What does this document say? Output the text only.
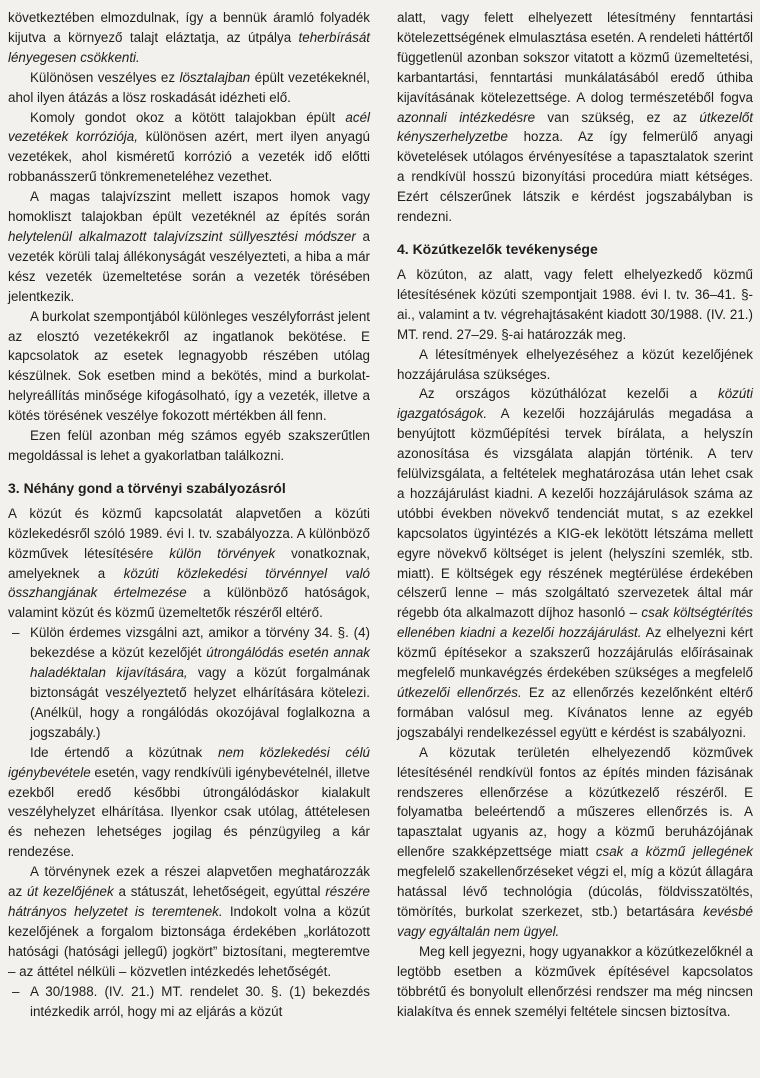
következtében elmozdulnak, így a bennük áramló folyadék kijutva a környező talajt eláztatja, az útpálya teherbírását lényegesen csökkenti.

Különösen veszélyes ez lösztalajban épült vezetékeknél, ahol ilyen átázás a lösz roskadását idézheti elő.

Komoly gondot okoz a kötött talajokban épült acél vezetékek korróziója, különösen azért, mert ilyen anyagú vezetékek, ahol kisméretű korrózió a vezeték idő előtti robbanásszerű tönkremeneteléhez vezethet.

A magas talajvízszint mellett iszapos homok vagy homokliszt talajokban épült vezetéknél az építés során helytelenül alkalmazott talajvízszint süllyesztési módszer a vezeték körüli talaj állékonyságát veszélyezteti, a hiba a már kész vezeték üzemeltetése során a vezeték törésében jelentkezik.

A burkolat szempontjából különleges veszélyforrást jelent az elosztó vezetékekről az ingatlanok bekötése. E kapcsolatok az esetek legnagyobb részében utólag készülnek. Sok esetben mind a bekötés, mind a burkolat-helyreállítás minősége kifogásolható, így a vezeték, illetve a kötés törésének veszélye fokozott mértékben áll fenn.

Ezen felül azonban még számos egyéb szakszerűtlen megoldással is lehet a gyakorlatban találkozni.

3. Néhány gond a törvényi szabályozásról

A közút és közmű kapcsolatát alapvetően a közúti közlekedésről szóló 1989. évi I. tv. szabályozza. A különböző közművek létesítésére külön törvények vonatkoznak, amelyeknek a közúti közlekedési törvénnyel való összhangjának értelmezése a különböző hatóságok, valamint közút és közmű üzemeltetők részéről eltérő.

– Külön érdemes vizsgálni azt, amikor a törvény 34. §. (4) bekezdése a közút kezelőjét útrongálódás esetén annak haladéktalan kijavítására, vagy a közút forgalmának biztonságát veszélyeztető helyzet elhárítására kötelezi. (Anélkül, hogy a rongálódás okozójával foglalkozna a jogszabály.)

Ide értendő a közútnak nem közlekedési célú igénybevétele esetén, vagy rendkívüli igénybevételnél, illetve ezekből eredő későbbi útrongálódáskor kialakult veszélyhelyzet elhárítása. Ilyenkor csak utólag, áttételesen és nehezen lehetséges jogilag és pénzügyileg a kár rendezése.

A törvénynek ezek a részei alapvetően meghatározzák az út kezelőjének a státuszát, lehetőségeit, egyúttal részére hátrányos helyzetet is teremtenek. Indokolt volna a közút kezelőjének a forgalom biztonsága érdekében „korlátozott hatósági (hatósági jellegű) jogkört” biztosítani, megteremtve – az áttétel nélküli – közvetlen intézkedés lehetőségét.

– A 30/1988. (IV. 21.) MT. rendelet 30. §. (1) bekezdés intézkedik arról, hogy mi az eljárás a közút

alatt, vagy felett elhelyezett létesítmény fenntartási kötelezettségének elmulasztása esetén. A rendeleti háttértől függetlenül azonban sokszor vitatott a közmű üzemeltetési, karbantartási, fenntartási munkálatásából eredő úthiba kijavításának kötelezettsége. A dolog természetéből fogva azonnali intézkedésre van szükség, ez az útkezelőt kényszerhelyzetbe hozza. Az így felmerülő anyagi követelések utólagos érvényesítése a tapasztalatok szerint a rendkívül hosszú bizonyítási procedúra miatt kétséges. Ezért célszerűnek látszik e kérdést jogszabályban is rendezni.

4. Közútkezelők tevékenysége

A közúton, az alatt, vagy felett elhelyezkedő közmű létesítésének közúti szempontjait 1988. évi I. tv. 36–41. §-ai., valamint a tv. végrehajtásaként kiadott 30/1988. (IV. 21.) MT. rend. 27–29. §-ai határozzák meg.

A létesítmények elhelyezéséhez a közút kezelőjének hozzájárulása szükséges.

Az országos közúthálózat kezelői a közúti igazgatóságok. A kezelői hozzájárulás megadása a benyújtott közműépítési tervek bírálata, a helyszín azonosítása és vizsgálata alapján történik. A terv felülvizsgálata, a feltételek meghatározása után lehet csak a hozzájárulást kiadni. A kezelői hozzájárulások száma az utóbbi években növekvő tendenciát mutat, s az ezekkel kapcsolatos ügyintézés a KIG-ek lekötött létszáma mellett egyre növekvő költséget is jelent (helyszíni szemlék, stb. miatt). E költségek egy részének megtérülése érdekében célszerű lenne – más szolgáltató szervezetek által már régebb óta alkalmazott díjhoz hasonló – csak költségtérítés ellenében kiadni a kezelői hozzájárulást. Az elhelyezni kért közmű építésekor a szakszerű hozzájárulás előírásainak megfelelő munkavégzés érdekében szükséges a megfelelő útkezelői ellenőrzés. Ez az ellenőrzés kezelőnként eltérő formában valósul meg. Kívánatos lenne az egyéb jogszabályi rendelkezéssel együtt e kérdést is szabályozni.

A közutak területén elhelyezendő közművek létesítésénél rendkívül fontos az építés minden fázisának rendszeres ellenőrzése a közútkezelő részéről. E folyamatba beleértendő a műszeres ellenőrzés is. A tapasztalat ugyanis az, hogy a közmű beruházójának ellenőre szakképzettsége miatt csak a közmű jellegének megfelelő szakellenőrzéseket végzi el, míg a közút állagára hatással lévő technológia (dúcolás, földvisszatöltés, tömörítés, burkolat szerkezet, stb.) betartására kevésbé vagy egyáltalán nem ügyel.

Meg kell jegyezni, hogy ugyanakkor a közútkezelőknél a legtöbb esetben a közművek építésével kapcsolatos többrétű és bonyolult ellenőrzési rendszer ma még nincsen kialakítva és ennek személyi feltétele sincsen biztosítva.
